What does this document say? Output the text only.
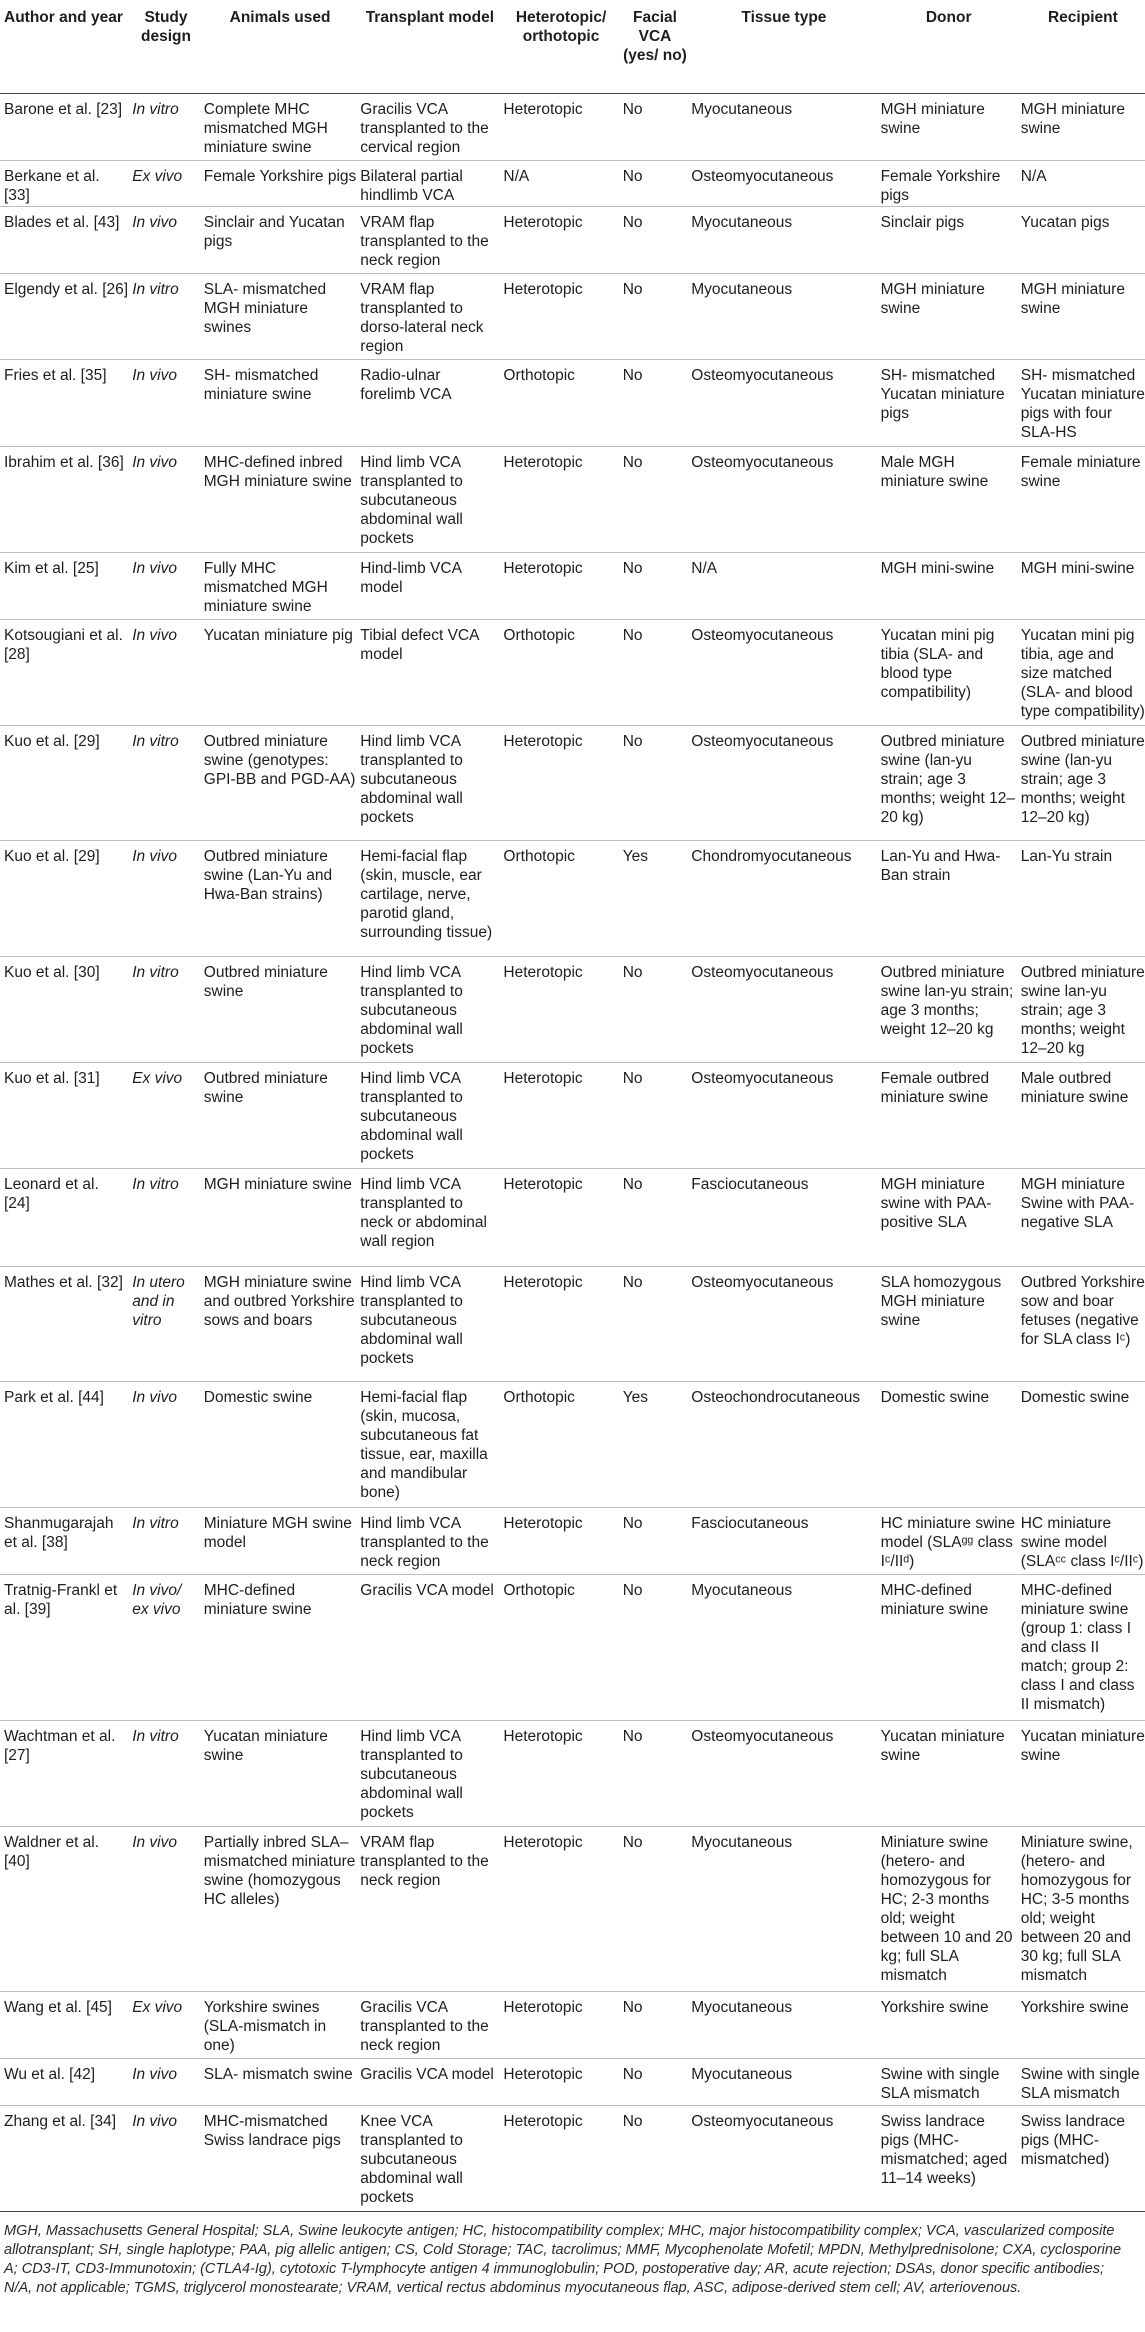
Author and year	Study design	Animals used	Transplant model	Heterotopic/ orthotopic	Facial VCA (yes/ no)	Tissue type	Donor	Recipient
Barone et al. [23]	In vitro	Complete MHC mismatched MGH miniature swine	Gracilis VCA transplanted to the cervical region	Heterotopic	No	Myocutaneous	MGH miniature swine	MGH miniature swine
Berkane et al. [33]	Ex vivo	Female Yorkshire pigs	Bilateral partial hindlimb VCA	N/A	No	Osteomyocutaneous	Female Yorkshire pigs	N/A
Blades et al. [43]	In vivo	Sinclair and Yucatan pigs	VRAM flap transplanted to the neck region	Heterotopic	No	Myocutaneous	Sinclair pigs	Yucatan pigs
Elgendy et al. [26]	In vitro	SLA- mismatched MGH miniature swines	VRAM flap transplanted to dorso-lateral neck region	Heterotopic	No	Myocutaneous	MGH miniature swine	MGH miniature swine
Fries et al. [35]	In vivo	SH- mismatched miniature swine	Radio-ulnar forelimb VCA	Orthotopic	No	Osteomyocutaneous	SH- mismatched Yucatan miniature pigs	SH- mismatched Yucatan miniature pigs with four SLA-HS
Ibrahim et al. [36]	In vivo	MHC-defined inbred MGH miniature swine	Hind limb VCA transplanted to subcutaneous abdominal wall pockets	Heterotopic	No	Osteomyocutaneous	Male MGH miniature swine	Female miniature swine
Kim et al. [25]	In vivo	Fully MHC mismatched MGH miniature swine	Hind-limb VCA model	Heterotopic	No	N/A	MGH mini-swine	MGH mini-swine
Kotsougiani et al. [28]	In vivo	Yucatan miniature pig	Tibial defect VCA model	Orthotopic	No	Osteomyocutaneous	Yucatan mini pig tibia (SLA- and blood type compatibility)	Yucatan mini pig tibia, age and size matched (SLA- and blood type compatibility)
Kuo et al. [29]	In vitro	Outbred miniature swine (genotypes: GPI-BB and PGD-AA)	Hind limb VCA transplanted to subcutaneous abdominal wall pockets	Heterotopic	No	Osteomyocutaneous	Outbred miniature swine (lan-yu strain; age 3 months; weight 12–20 kg)	Outbred miniature swine (lan-yu strain; age 3 months; weight 12–20 kg)
Kuo et al. [29]	In vivo	Outbred miniature swine (Lan-Yu and Hwa-Ban strains)	Hemi-facial flap (skin, muscle, ear cartilage, nerve, parotid gland, surrounding tissue)	Orthotopic	Yes	Chondromyocutaneous	Lan-Yu and Hwa-Ban strain	Lan-Yu strain
Kuo et al. [30]	In vitro	Outbred miniature swine	Hind limb VCA transplanted to subcutaneous abdominal wall pockets	Heterotopic	No	Osteomyocutaneous	Outbred miniature swine lan-yu strain; age 3 months; weight 12–20 kg	Outbred miniature swine lan-yu strain; age 3 months; weight 12–20 kg
Kuo et al. [31]	Ex vivo	Outbred miniature swine	Hind limb VCA transplanted to subcutaneous abdominal wall pockets	Heterotopic	No	Osteomyocutaneous	Female outbred miniature swine	Male outbred miniature swine
Leonard et al. [24]	In vitro	MGH miniature swine	Hind limb VCA transplanted to neck or abdominal wall region	Heterotopic	No	Fasciocutaneous	MGH miniature swine with PAA-positive SLA	MGH miniature Swine with PAA-negative SLA
Mathes et al. [32]	In utero and in vitro	MGH miniature swine and outbred Yorkshire sows and boars	Hind limb VCA transplanted to subcutaneous abdominal wall pockets	Heterotopic	No	Osteomyocutaneous	SLA homozygous MGH miniature swine	Outbred Yorkshire sow and boar fetuses (negative for SLA class Iᶜ)
Park et al. [44]	In vivo	Domestic swine	Hemi-facial flap (skin, mucosa, subcutaneous fat tissue, ear, maxilla and mandibular bone)	Orthotopic	Yes	Osteochondrocutaneous	Domestic swine	Domestic swine
Shanmugarajah et al. [38]	In vitro	Miniature MGH swine model	Hind limb VCA transplanted to the neck region	Heterotopic	No	Fasciocutaneous	HC miniature swine model (SLAᵍᵍ class Iᶜ/IIᵈ)	HC miniature swine model (SLAᶜᶜ class Iᶜ/IIᶜ)
Tratnig-Frankl et al. [39]	In vivo/ ex vivo	MHC-defined miniature swine	Gracilis VCA model	Orthotopic	No	Myocutaneous	MHC-defined miniature swine	MHC-defined miniature swine (group 1: class I and class II match; group 2: class I and class II mismatch)
Wachtman et al. [27]	In vitro	Yucatan miniature swine	Hind limb VCA transplanted to subcutaneous abdominal wall pockets	Heterotopic	No	Osteomyocutaneous	Yucatan miniature swine	Yucatan miniature swine
Waldner et al. [40]	In vivo	Partially inbred SLA–mismatched miniature swine (homozygous HC alleles)	VRAM flap transplanted to the neck region	Heterotopic	No	Myocutaneous	Miniature swine (hetero- and homozygous for HC; 2-3 months old; weight between 10 and 20 kg; full SLA mismatch	Miniature swine, (hetero- and homozygous for HC; 3-5 months old; weight between 20 and 30 kg; full SLA mismatch
Wang et al. [45]	Ex vivo	Yorkshire swines (SLA-mismatch in one)	Gracilis VCA transplanted to the neck region	Heterotopic	No	Myocutaneous	Yorkshire swine	Yorkshire swine
Wu et al. [42]	In vivo	SLA- mismatch swine	Gracilis VCA model	Heterotopic	No	Myocutaneous	Swine with single SLA mismatch	Swine with single SLA mismatch
Zhang et al. [34]	In vivo	MHC-mismatched Swiss landrace pigs	Knee VCA transplanted to subcutaneous abdominal wall pockets	Heterotopic	No	Osteomyocutaneous	Swiss landrace pigs (MHC-mismatched; aged 11–14 weeks)	Swiss landrace pigs (MHC-mismatched)

MGH, Massachusetts General Hospital; SLA, Swine leukocyte antigen; HC, histocompatibility complex; MHC, major histocompatibility complex; VCA, vascularized composite allotransplant; SH, single haplotype; PAA, pig allelic antigen; CS, Cold Storage; TAC, tacrolimus; MMF, Mycophenolate Mofetil; MPDN, Methylprednisolone; CXA, cyclosporine A; CD3-IT, CD3-Immunotoxin; (CTLA4-Ig), cytotoxic T-lymphocyte antigen 4 immunoglobulin; POD, postoperative day; AR, acute rejection; DSAs, donor specific antibodies; N/A, not applicable; TGMS, triglycerol monostearate; VRAM, vertical rectus abdominus myocutaneous flap, ASC, adipose-derived stem cell; AV, arteriovenous.
